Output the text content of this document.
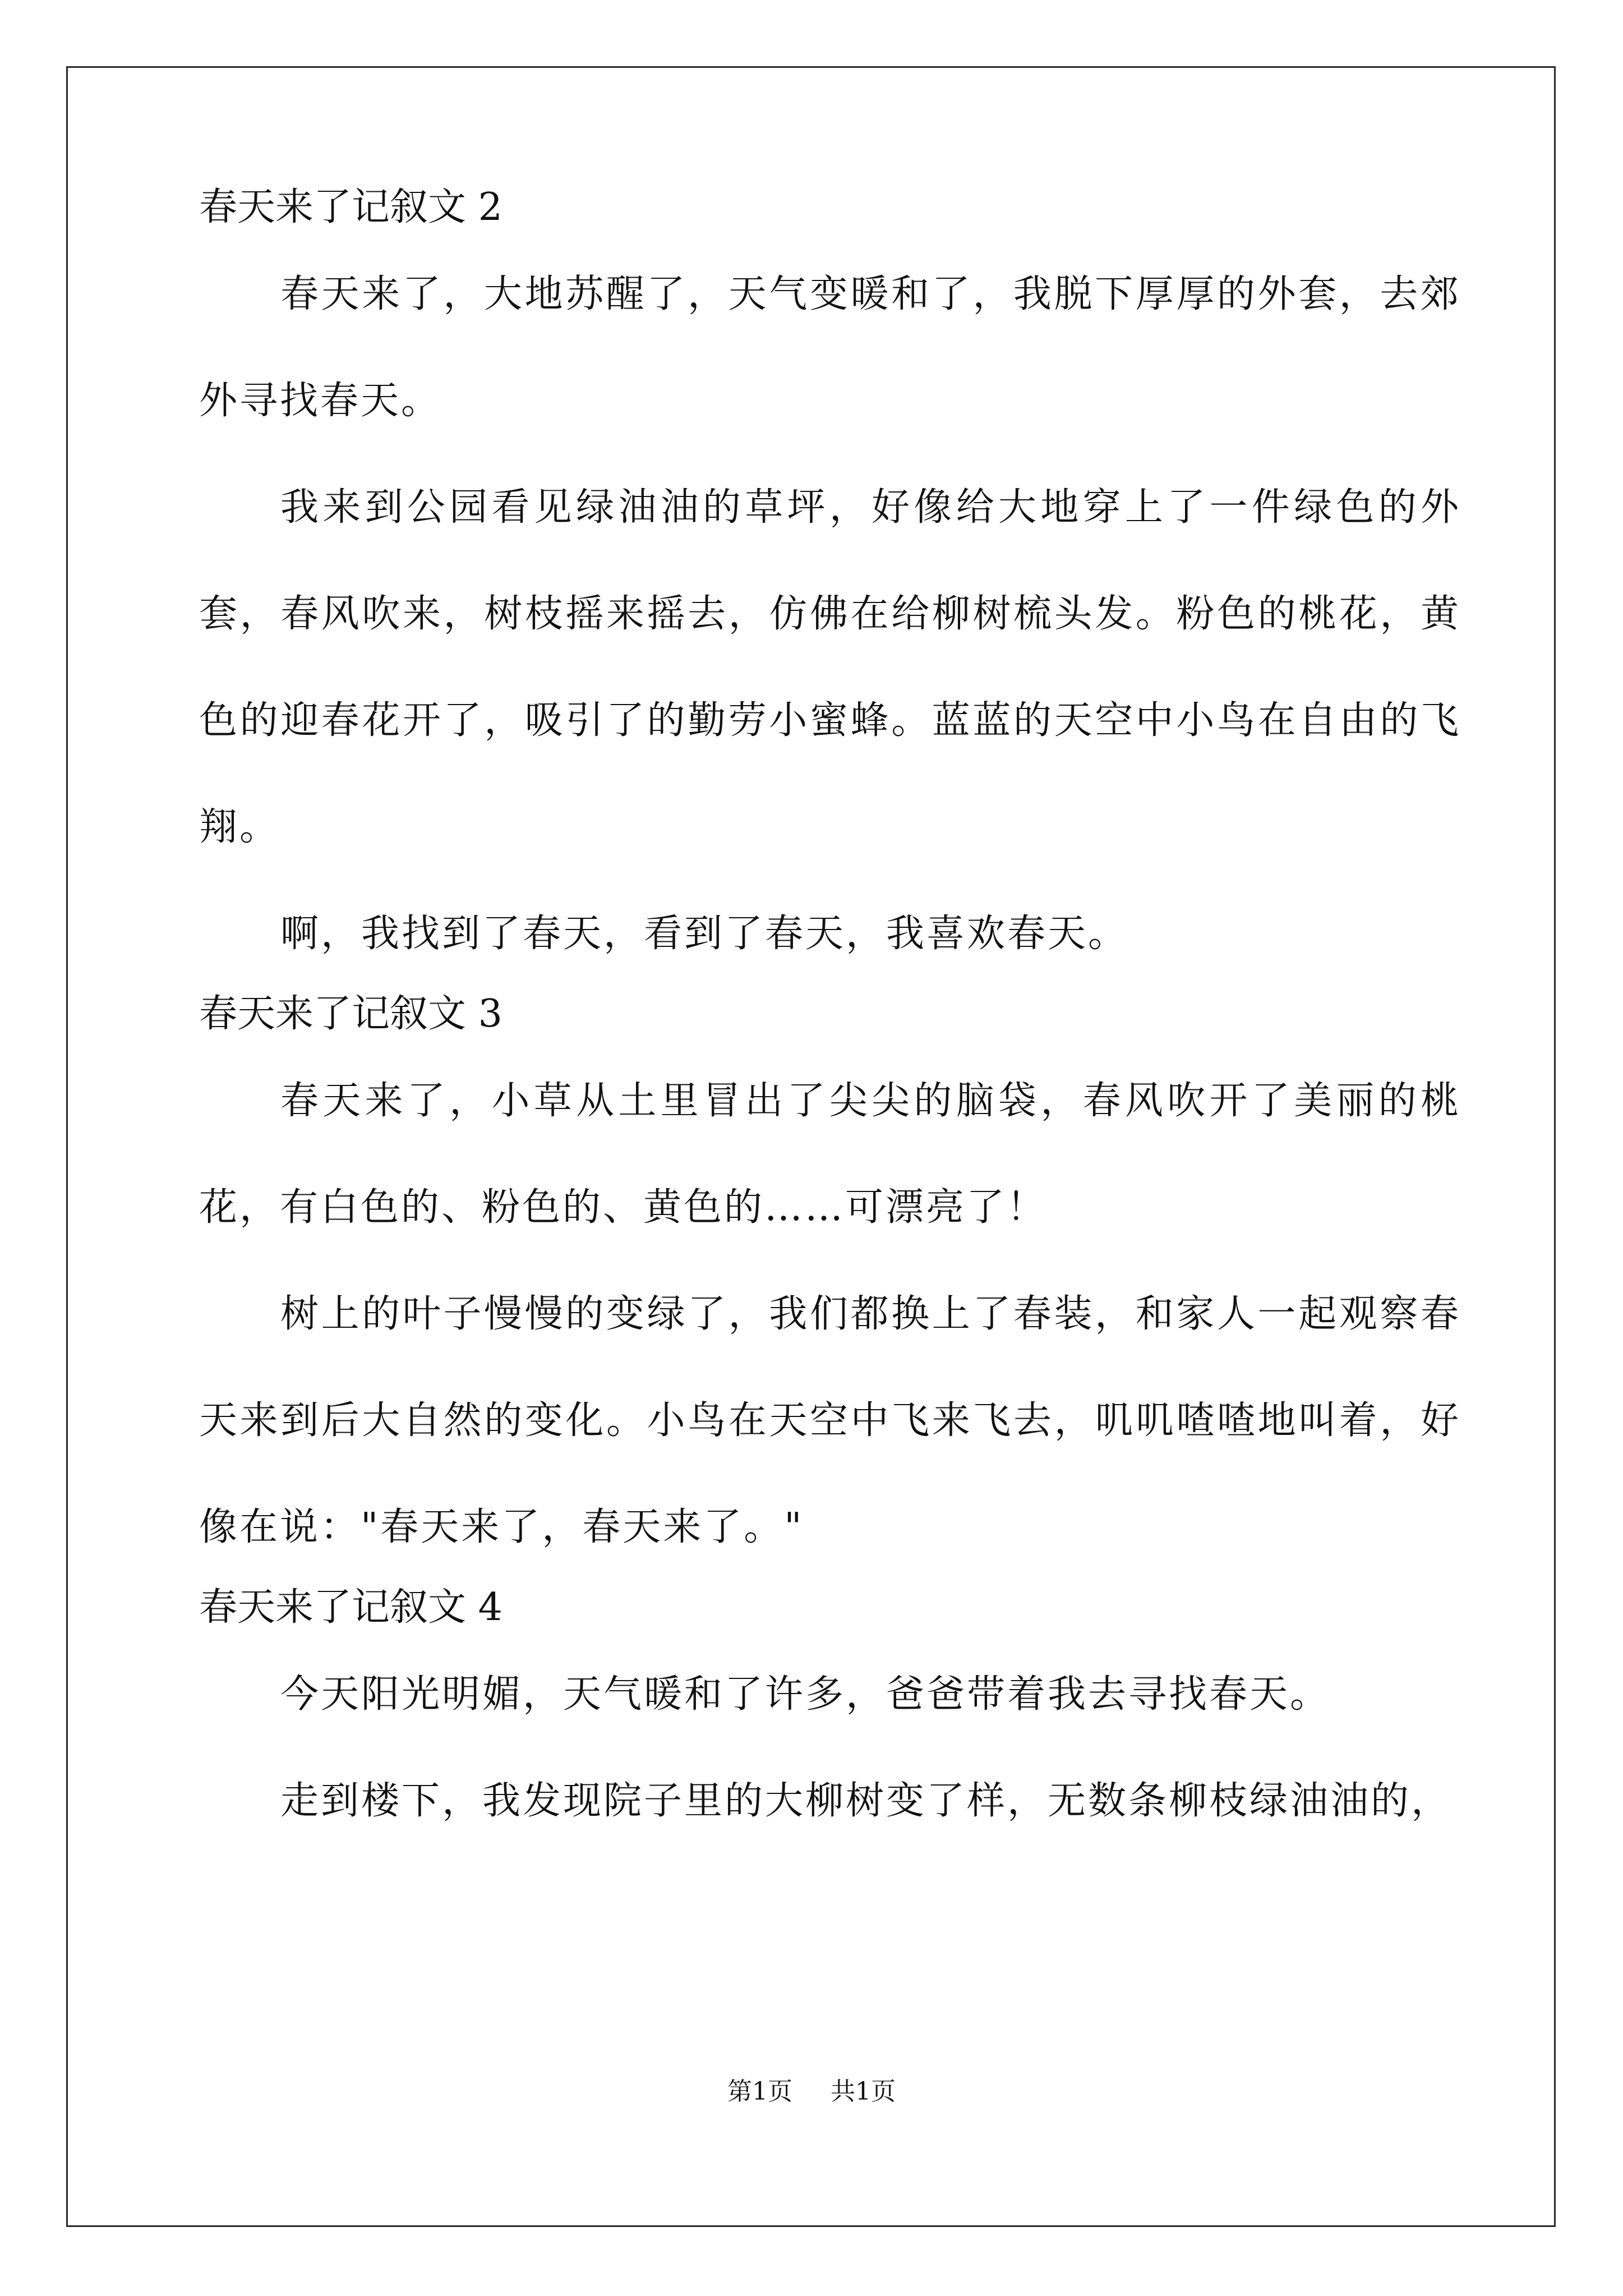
春天来了记叙文 2

春天来了，大地苏醒了，天气变暖和了，我脱下厚厚的外套，去郊外寻找春天。

我来到公园看见绿油油的草坪，好像给大地穿上了一件绿色的外套，春风吹来，树枝摇来摇去，仿佛在给柳树梳头发。粉色的桃花，黄色的迎春花开了，吸引了的勤劳小蜜蜂。蓝蓝的天空中小鸟在自由的飞翔。

啊，我找到了春天，看到了春天，我喜欢春天。

春天来了记叙文 3

春天来了，小草从土里冒出了尖尖的脑袋，春风吹开了美丽的桃花，有白色的、粉色的、黄色的……可漂亮了！

树上的叶子慢慢的变绿了，我们都换上了春装，和家人一起观察春天来到后大自然的变化。小鸟在天空中飞来飞去，叽叽喳喳地叫着，好像在说："春天来了，春天来了。"

春天来了记叙文 4

今天阳光明媚，天气暖和了许多，爸爸带着我去寻找春天。

走到楼下，我发现院子里的大柳树变了样，无数条柳枝绿油油的，

第1页 共1页
